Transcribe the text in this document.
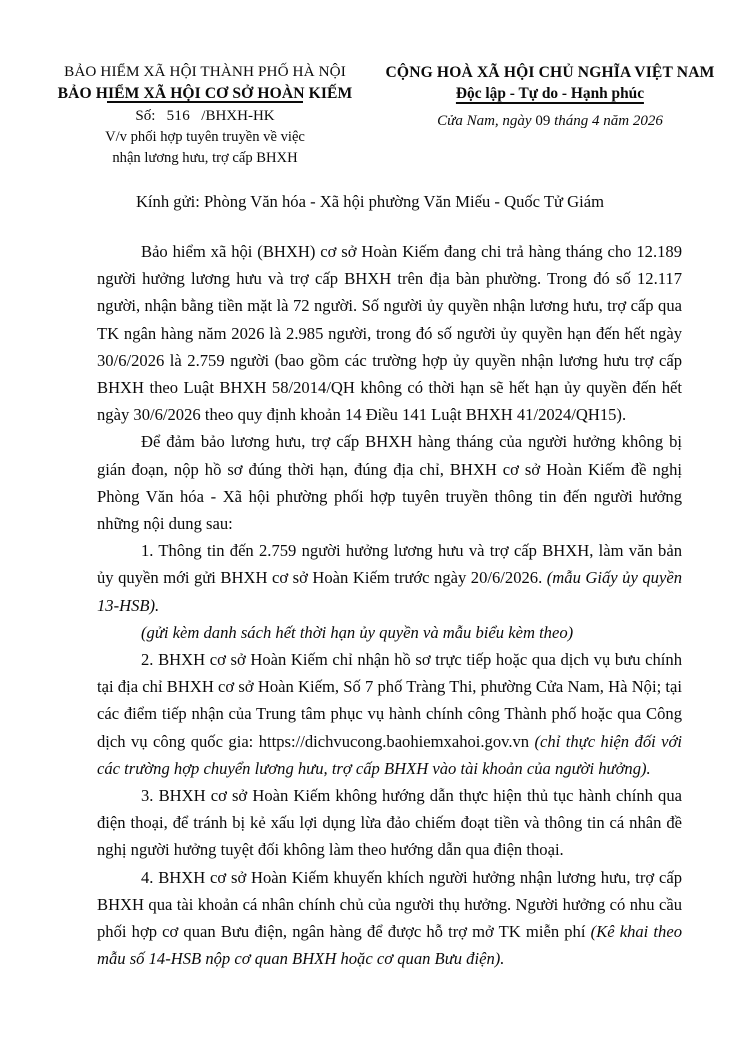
BẢO HIỂM XÃ HỘI THÀNH PHỐ HÀ NỘI
BẢO HIỂM XÃ HỘI CƠ SỞ HOÀN KIẾM
Số: 516 /BHXH-HK
V/v phối hợp tuyên truyền về việc
nhận lương hưu, trợ cấp BHXH
CỘNG HOÀ XÃ HỘI CHỦ NGHĨA VIỆT NAM
Độc lập - Tự do - Hạnh phúc
Cửa Nam, ngày 09 tháng 4 năm 2026
Kính gửi: Phòng Văn hóa - Xã hội phường Văn Miếu - Quốc Tử Giám

Bảo hiểm xã hội (BHXH) cơ sở Hoàn Kiếm đang chi trả hàng tháng cho 12.189 người hưởng lương hưu và trợ cấp BHXH trên địa bàn phường. Trong đó số 12.117 người, nhận bằng tiền mặt là 72 người. Số người ủy quyền nhận lương hưu, trợ cấp qua TK ngân hàng năm 2026 là 2.985 người, trong đó số người ủy quyền hạn đến hết ngày 30/6/2026 là 2.759 người (bao gồm các trường hợp ủy quyền nhận lương hưu trợ cấp BHXH theo Luật BHXH 58/2014/QH không có thời hạn sẽ hết hạn ủy quyền đến hết ngày 30/6/2026 theo quy định khoản 14 Điều 141 Luật BHXH 41/2024/QH15).

Để đảm bảo lương hưu, trợ cấp BHXH hàng tháng của người hưởng không bị gián đoạn, nộp hồ sơ đúng thời hạn, đúng địa chỉ, BHXH cơ sở Hoàn Kiếm đề nghị Phòng Văn hóa - Xã hội phường phối hợp tuyên truyền thông tin đến người hưởng những nội dung sau:

1. Thông tin đến 2.759 người hưởng lương hưu và trợ cấp BHXH, làm văn bản ủy quyền mới gửi BHXH cơ sở Hoàn Kiếm trước ngày 20/6/2026. (mẫu Giấy ủy quyền 13-HSB).

(gửi kèm danh sách hết thời hạn ủy quyền và mẫu biểu kèm theo)

2. BHXH cơ sở Hoàn Kiếm chỉ nhận hồ sơ trực tiếp hoặc qua dịch vụ bưu chính tại địa chỉ BHXH cơ sở Hoàn Kiếm, Số 7 phố Tràng Thi, phường Cửa Nam, Hà Nội; tại các điểm tiếp nhận của Trung tâm phục vụ hành chính công Thành phố hoặc qua Công dịch vụ công quốc gia: https://dichvucong.baohiemxahoi.gov.vn (chỉ thực hiện đối với các trường hợp chuyển lương hưu, trợ cấp BHXH vào tài khoản của người hưởng).

3. BHXH cơ sở Hoàn Kiếm không hướng dẫn thực hiện thủ tục hành chính qua điện thoại, để tránh bị kẻ xấu lợi dụng lừa đảo chiếm đoạt tiền và thông tin cá nhân đề nghị người hưởng tuyệt đối không làm theo hướng dẫn qua điện thoại.

4. BHXH cơ sở Hoàn Kiếm khuyến khích người hưởng nhận lương hưu, trợ cấp BHXH qua tài khoản cá nhân chính chủ của người thụ hưởng. Người hưởng có nhu cầu phối hợp cơ quan Bưu điện, ngân hàng để được hỗ trợ mở TK miễn phí (Kê khai theo mẫu số 14-HSB nộp cơ quan BHXH hoặc cơ quan Bưu điện).
